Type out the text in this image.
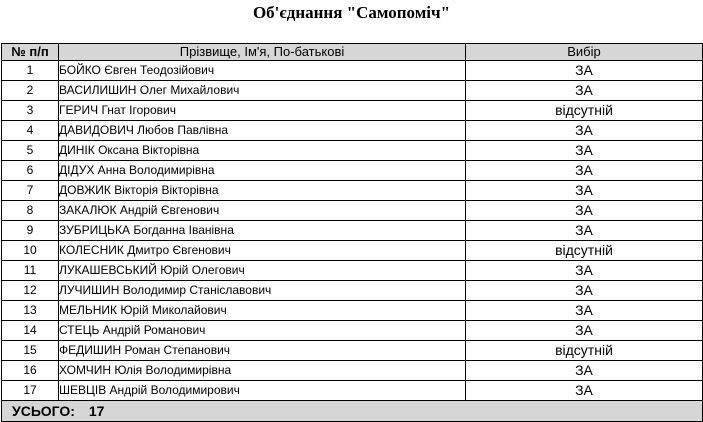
Об'єднання "Самопоміч"
№ п/п	Прізвище, Ім'я, По-батькові	Вибір
1	БОЙКО Євген Теодозійович	ЗА
2	ВАСИЛИШИН Олег Михайлович	ЗА
3	ГЕРИЧ Гнат Ігорович	відсутній
4	ДАВИДОВИЧ Любов Павлівна	ЗА
5	ДИНІК Оксана Вікторівна	ЗА
6	ДІДУХ Анна Володимирівна	ЗА
7	ДОВЖИК Вікторія Вікторівна	ЗА
8	ЗАКАЛЮК Андрій Євгенович	ЗА
9	ЗУБРИЦЬКА Богданна Іванівна	ЗА
10	КОЛЕСНИК Дмитро Євгенович	відсутній
11	ЛУКАШЕВСЬКИЙ Юрій Олегович	ЗА
12	ЛУЧИШИН Володимир Станіславович	ЗА
13	МЕЛЬНИК Юрій Миколайович	ЗА
14	СТЕЦЬ Андрій Романович	ЗА
15	ФЕДИШИН Роман Степанович	відсутній
16	ХОМЧИН Юлія Володимирівна	ЗА
17	ШЕВЦІВ Андрій Володимирович	ЗА
УСЬОГО: 17		
